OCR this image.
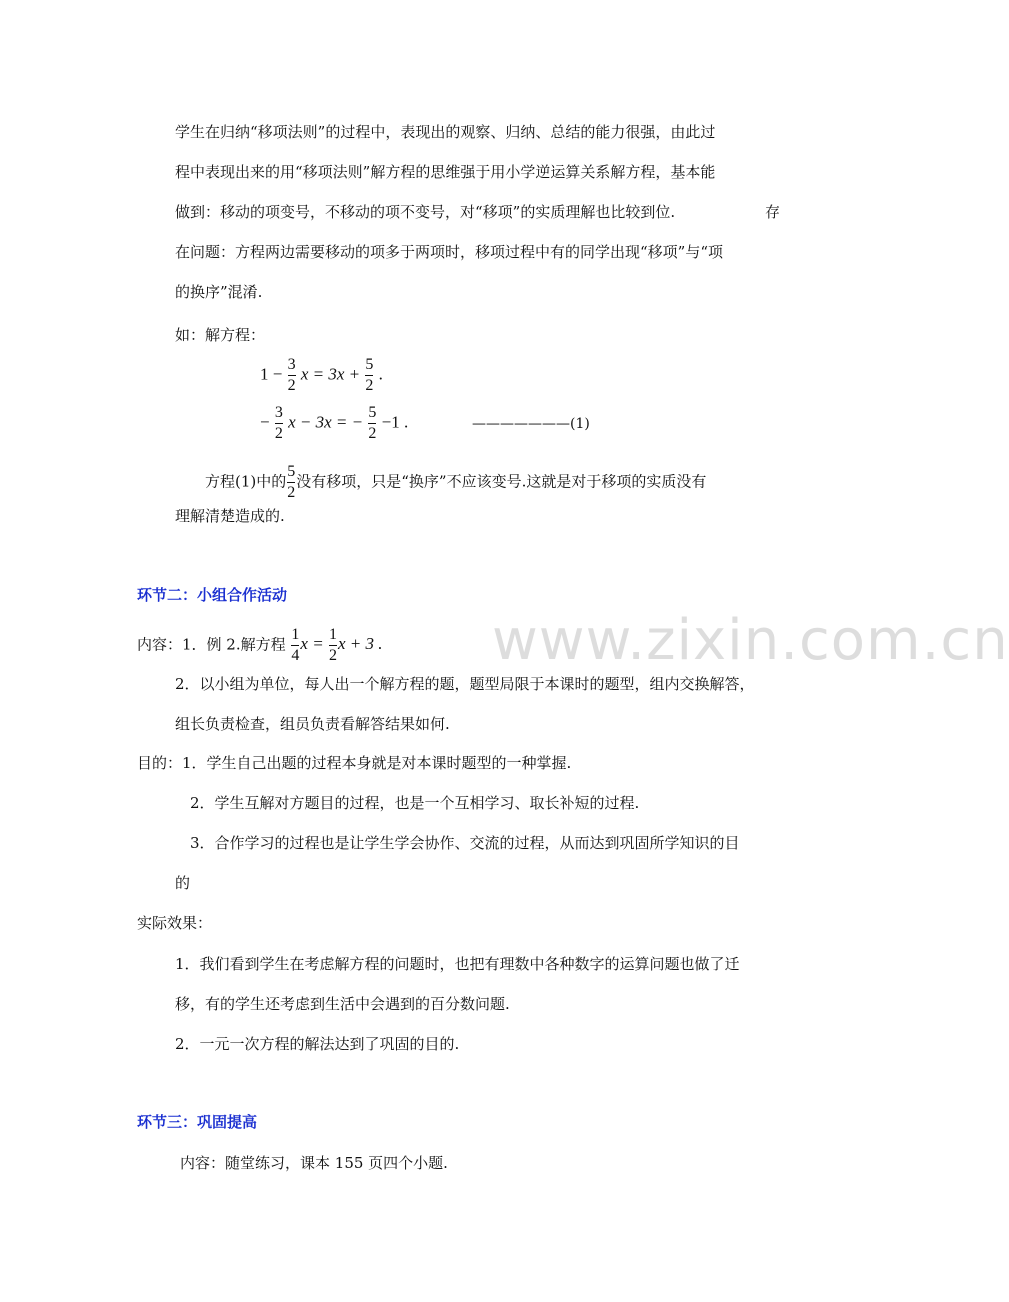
www.zixin.com.cn
学生在归纳“移项法则”的过程中，表现出的观察、归纳、总结的能力很强，由此过
程中表现出来的用“移项法则”解方程的思维强于用小学逆运算关系解方程，基本能
做到：移动的项变号，不移动的项不变号，对“移项”的实质理解也比较到位.	存
在问题：方程两边需要移动的项多于两项时，移项过程中有的同学出现“移项”与“项
的换序”混淆.
如：解方程：
$1 - \frac{3}{2}$ $x = 3x + \frac{5}{2}$ .
− $\frac{3}{2}$ x − 3x = − $\frac{5}{2} -1$ .	———————(1)
方程(1)中的 $\frac{5}{2}$ 没有移项，只是“换序”不应该变号.这就是对于移项的实质没有
理解清楚造成的.
环节二：小组合作活动
内容：1．例 2.解方程 $\frac{1}{4}$ $x = \frac{1}{2}$ x + 3 .
2．以小组为单位，每人出一个解方程的题，题型局限于本课时的题型，组内交换解答，
组长负责检查，组员负责看解答结果如何.
目的：1．学生自己出题的过程本身就是对本课时题型的一种掌握.
2．学生互解对方题目的过程，也是一个互相学习、取长补短的过程.
3．合作学习的过程也是让学生学会协作、交流的过程，从而达到巩固所学知识的目
的
实际效果：
1．我们看到学生在考虑解方程的问题时，也把有理数中各种数字的运算问题也做了迁
移，有的学生还考虑到生活中会遇到的百分数问题.
2．一元一次方程的解法达到了巩固的目的.
环节三：巩固提高
内容：随堂练习，课本 155 页四个小题.
